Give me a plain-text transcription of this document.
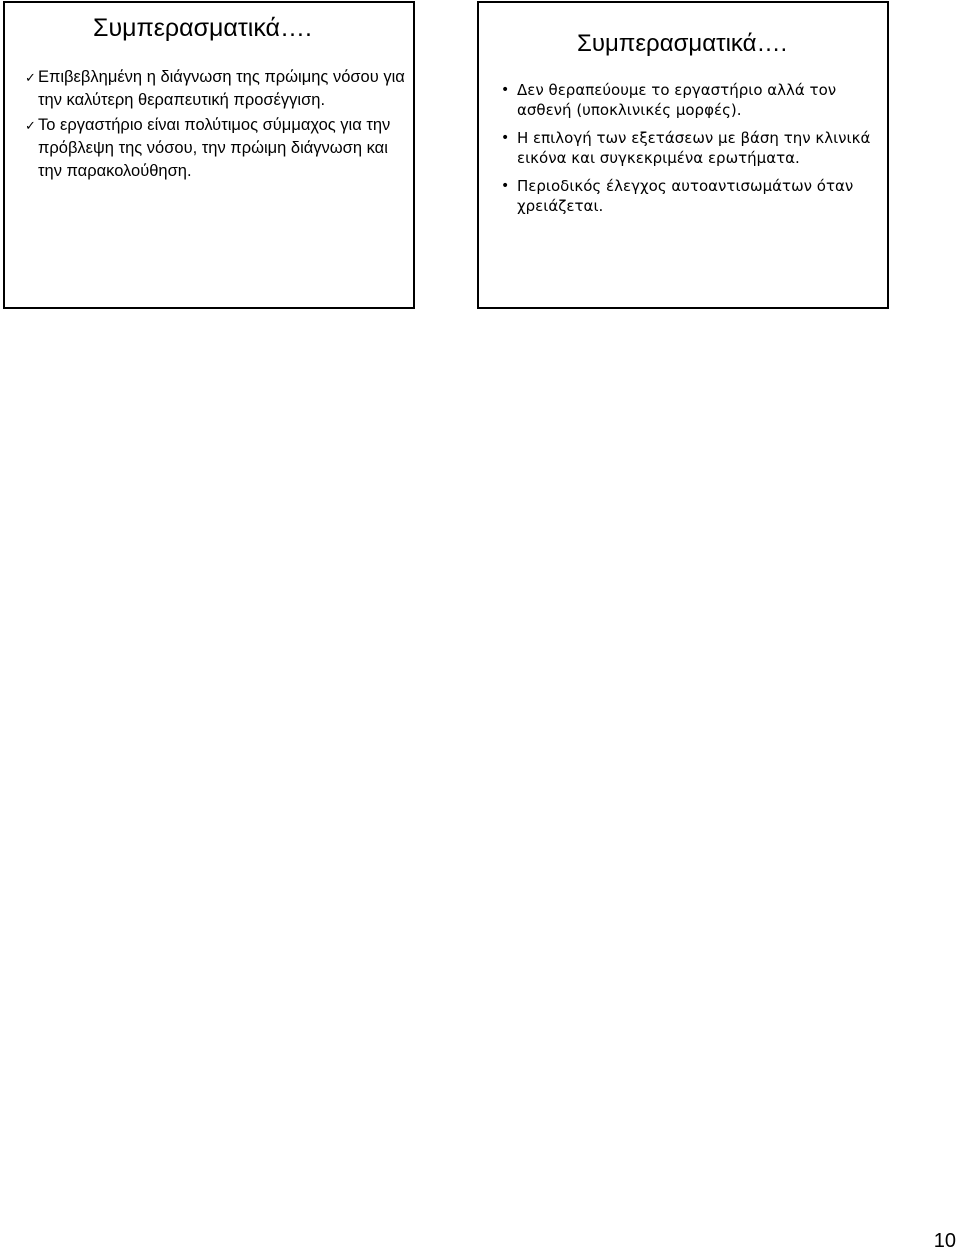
Συμπερασματικά….
✓ Επιβεβλημένη η διάγνωση της πρώιμης νόσου για την καλύτερη θεραπευτική προσέγγιση.
✓ Το εργαστήριο είναι πολύτιμος σύμμαχος για την πρόβλεψη της νόσου, την πρώιμη διάγνωση και την παρακολούθηση.
Συμπερασματικά….
• Δεν θεραπεύουμε το εργαστήριο αλλά τον ασθενή (υποκλινικές μορφές).
• Η επιλογή των εξετάσεων με βάση την κλινικά εικόνα και συγκεκριμένα ερωτήματα.
• Περιοδικός έλεγχος αυτοαντισωμάτων όταν χρειάζεται.
10
